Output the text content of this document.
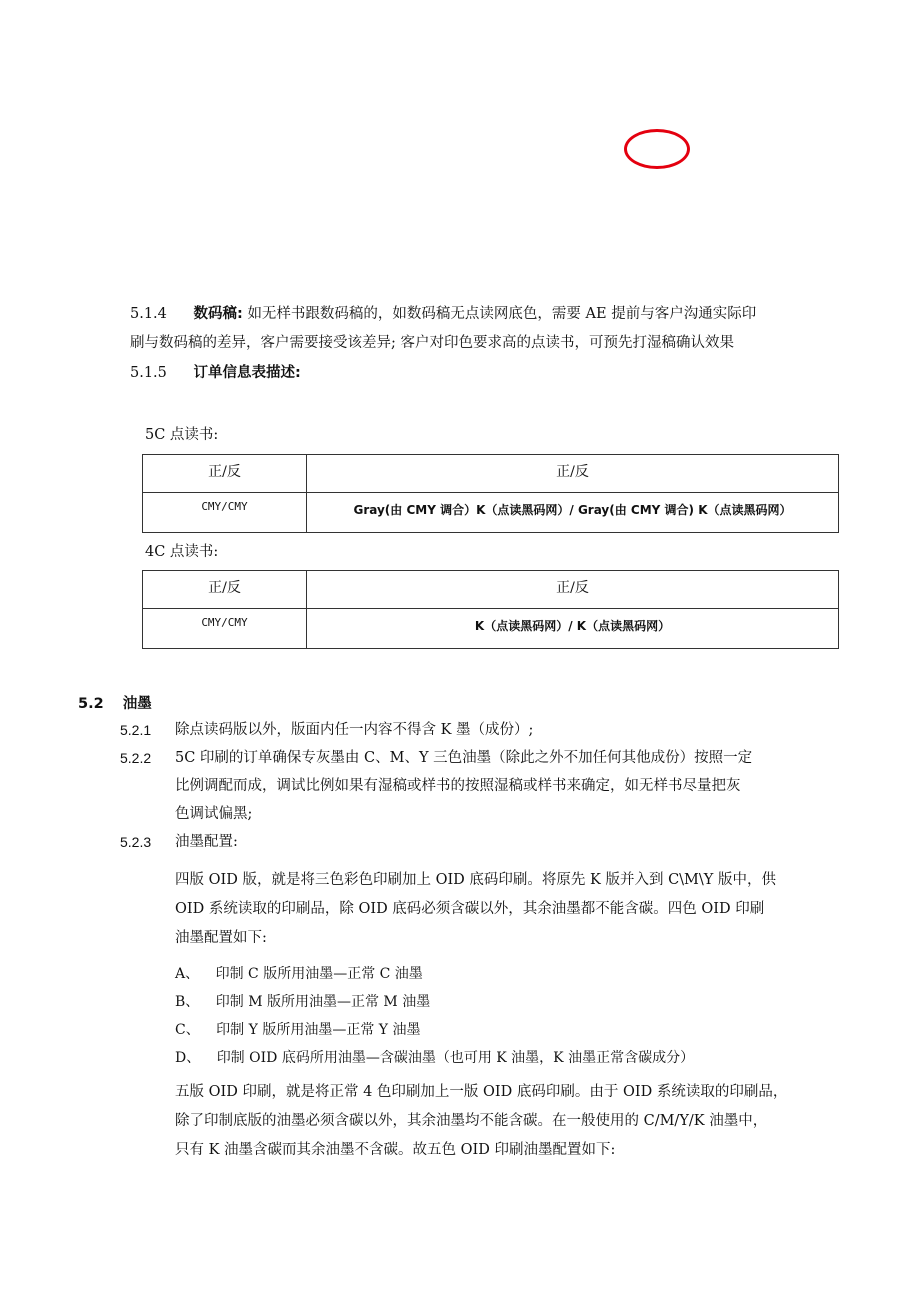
5.1.4 数码稿: 如无样书跟数码稿的，如数码稿无点读网底色，需要 AE 提前与客户沟通实际印
刷与数码稿的差异，客户需要接受该差异; 客户对印色要求高的点读书，可预先打湿稿确认效果
5.1.5 订单信息表描述:
5C 点读书:
正/反	正/反
CMY/CMY	Gray(由 CMY 调合）K（点读黑码网）/ Gray(由 CMY 调合) K（点读黑码网）
4C 点读书:
正/反	正/反
CMY/CMY	K（点读黑码网）/ K（点读黑码网）
5.2 油墨
5.2.1 除点读码版以外，版面内任一内容不得含 K 墨（成份）;
5.2.2 5C 印刷的订单确保专灰墨由 C、M、Y 三色油墨（除此之外不加任何其他成份）按照一定
比例调配而成，调试比例如果有湿稿或样书的按照湿稿或样书来确定，如无样书尽量把灰
色调试偏黑;
5.2.3 油墨配置:
四版 OID 版，就是将三色彩色印刷加上 OID 底码印刷。将原先 K 版并入到 C\M\Y 版中，供
OID 系统读取的印刷品，除 OID 底码必须含碳以外，其余油墨都不能含碳。四色 OID 印刷
油墨配置如下:
A、 印制 C 版所用油墨—正常 C 油墨
B、 印制 M 版所用油墨—正常 M 油墨
C、 印制 Y 版所用油墨—正常 Y 油墨
D、 印制 OID 底码所用油墨—含碳油墨（也可用 K 油墨，K 油墨正常含碳成分）
五版 OID 印刷，就是将正常 4 色印刷加上一版 OID 底码印刷。由于 OID 系统读取的印刷品，
除了印制底版的油墨必须含碳以外，其余油墨均不能含碳。在一般使用的 C/M/Y/K 油墨中，
只有 K 油墨含碳而其余油墨不含碳。故五色 OID 印刷油墨配置如下:
